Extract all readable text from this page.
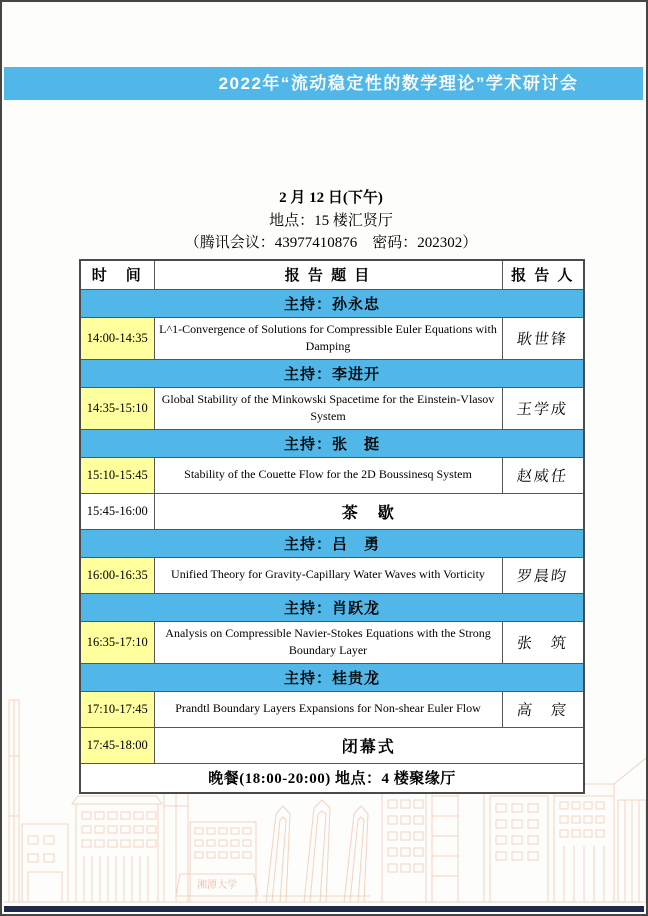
2022年“流动稳定性的数学理论”学术研讨会
2 月 12 日(下午)
地点：15 楼汇贤厅
（腾讯会议：43977410876　密码：202302）
时　间	报 告 题 目	报 告 人
主持：孙永忠		
14:00-14:35	L^1-Convergence of Solutions for Compressible Euler Equations with Damping	耿世锋
主持：李进开		
14:35-15:10	Global Stability of the Minkowski Spacetime for the Einstein-Vlasov System	王学成
主持：张　挺		
15:10-15:45	Stability of the Couette Flow for the 2D Boussinesq System	赵威任
15:45-16:00	茶　歇	
主持：吕　勇		
16:00-16:35	Unified Theory for Gravity-Capillary Water Waves with Vorticity	罗晨昀
主持：肖跃龙		
16:35-17:10	Analysis on Compressible Navier-Stokes Equations with the Strong Boundary Layer	张　筑
主持：桂贵龙		
17:10-17:45	Prandtl Boundary Layers Expansions for Non-shear Euler Flow	高　宸
17:45-18:00	闭幕式	
晚餐(18:00-20:00) 地点：4 楼聚缘厅		
湘潭大学
